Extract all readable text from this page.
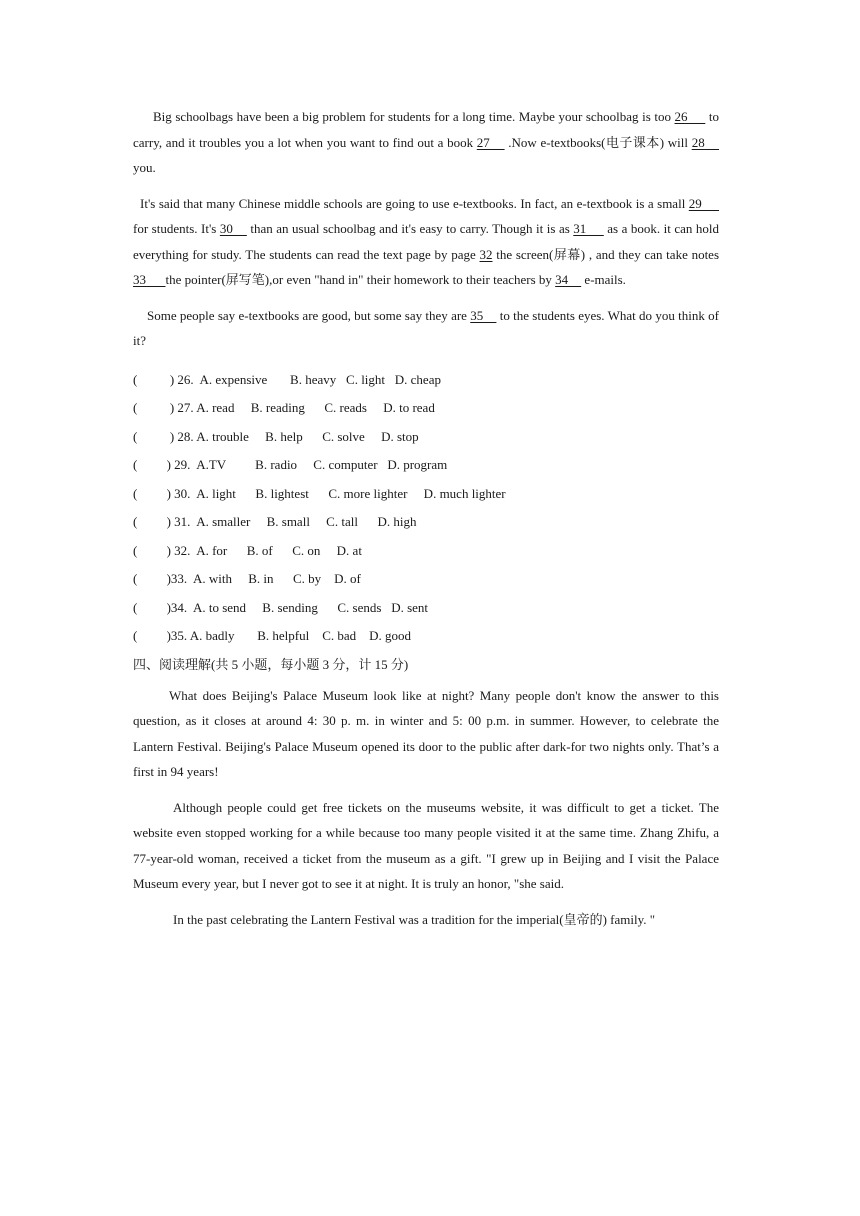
Big schoolbags have been a big problem for students for a long time. Maybe your schoolbag is too 26      to carry, and it troubles you a lot when you want to find out a book 27     .Now e-textbooks(电子课本) will 28     you.

It's said that many Chinese middle schools are going to use e-textbooks. In fact, an e-textbook is a small 29      for students. It's 30     than an usual schoolbag and it's easy to carry. Though it is as 31      as a book. it can hold everything for study. The students can read the text page by page 32 the screen(屏幕) , and they can take notes 33      the pointer(屏写笔),or even "hand in" their homework to their teachers by 34     e-mails.

Some people say e-textbooks are good, but some say they are 35     to the students eyes. What do you think of it?

(          ) 26.  A. expensive       B. heavy   C. light   D. cheap
(          ) 27. A. read     B. reading      C. reads     D. to read
(          ) 28. A. trouble     B. help      C. solve     D. stop
(         ) 29.  A.TV         B. radio     C. computer   D. program
(         ) 30.  A. light      B. lightest      C. more lighter     D. much lighter
(         ) 31.  A. smaller     B. small     C. tall      D. high
(         ) 32.  A. for      B. of      C. on     D. at
(         )33.  A. with     B. in      C. by    D. of
(         )34.  A. to send     B. sending      C. sends   D. sent
(         )35. A. badly       B. helpful    C. bad    D. good
四、阅读理解(共 5 小题，每小题 3 分，计 15 分)

What does Beijing's Palace Museum look like at night? Many people don't know the answer to this question, as it closes at around 4: 30 p. m. in winter and 5: 00 p.m. in summer. However, to celebrate the Lantern Festival. Beijing's Palace Museum opened its door to the public after dark-for two nights only. That’s a first in 94 years!

Although people could get free tickets on the museums website, it was difficult to get a ticket. The website even stopped working for a while because too many people visited it at the same time. Zhang Zhifu, a 77-year-old woman, received a ticket from the museum as a gift. "I grew up in Beijing and I visit the Palace Museum every year, but I never got to see it at night. It is truly an honor, "she said.

In the past celebrating the Lantern Festival was a tradition for the imperial(皇帝的) family. "
